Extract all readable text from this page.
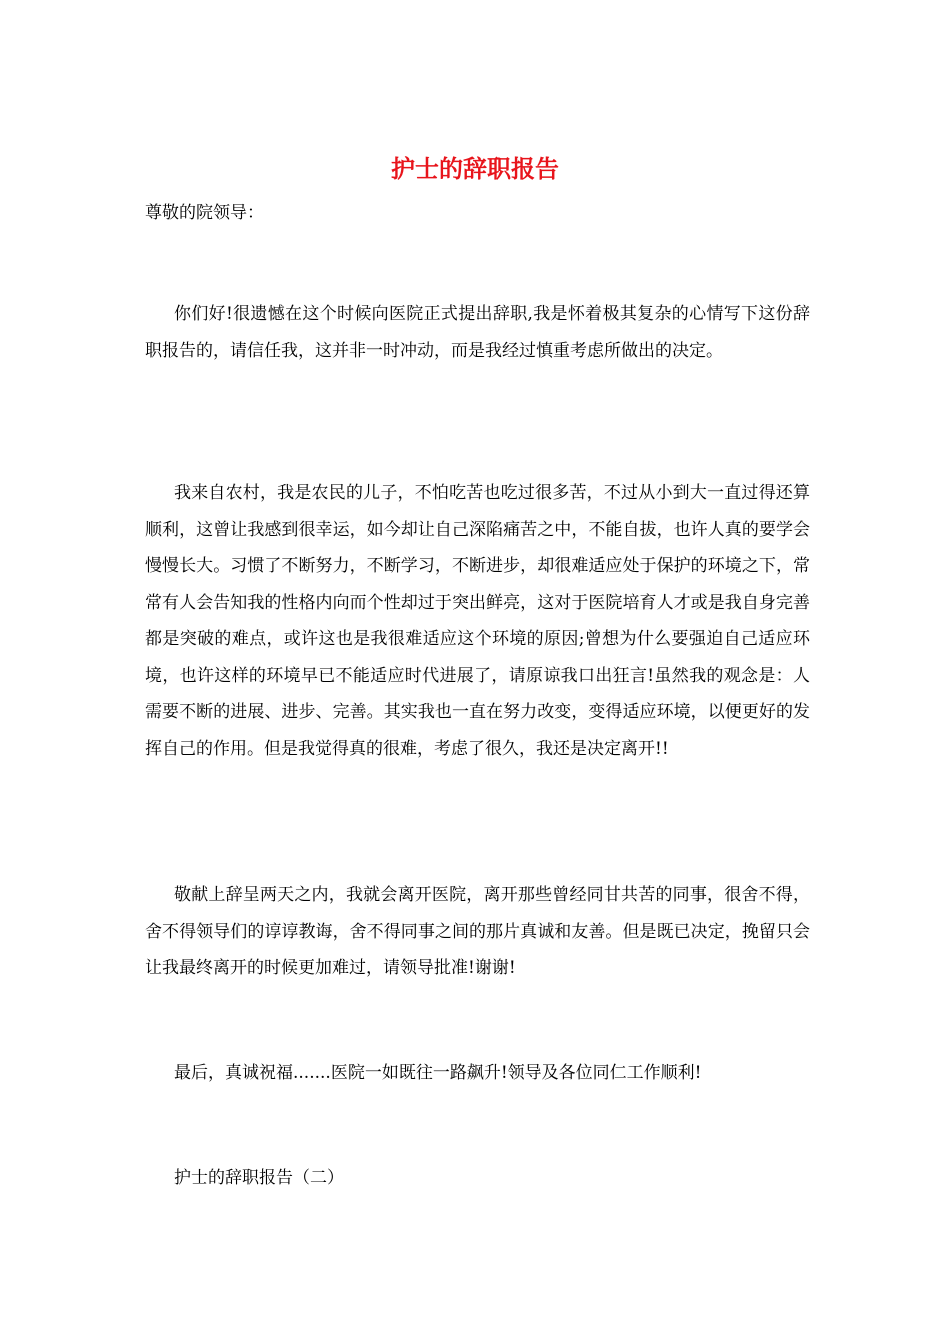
护士的辞职报告

尊敬的院领导：

你们好!很遗憾在这个时候向医院正式提出辞职,我是怀着极其复杂的心情写下这份辞职报告的，请信任我，这并非一时冲动，而是我经过慎重考虑所做出的决定。

我来自农村，我是农民的儿子，不怕吃苦也吃过很多苦，不过从小到大一直过得还算顺利，这曾让我感到很幸运，如今却让自己深陷痛苦之中，不能自拔，也许人真的要学会慢慢长大。习惯了不断努力，不断学习，不断进步，却很难适应处于保护的环境之下，常常有人会告知我的性格内向而个性却过于突出鲜亮，这对于医院培育人才或是我自身完善都是突破的难点，或许这也是我很难适应这个环境的原因;曾想为什么要强迫自己适应环境，也许这样的环境早已不能适应时代进展了，请原谅我口出狂言!虽然我的观念是：人需要不断的进展、进步、完善。其实我也一直在努力改变，变得适应环境，以便更好的发挥自己的作用。但是我觉得真的很难，考虑了很久，我还是决定离开!!

敬献上辞呈两天之内，我就会离开医院，离开那些曾经同甘共苦的同事，很舍不得，舍不得领导们的谆谆教诲，舍不得同事之间的那片真诚和友善。但是既已决定，挽留只会让我最终离开的时候更加难过，请领导批准!谢谢!

最后，真诚祝福.......医院一如既往一路飙升!领导及各位同仁工作顺利!

护士的辞职报告（二）
